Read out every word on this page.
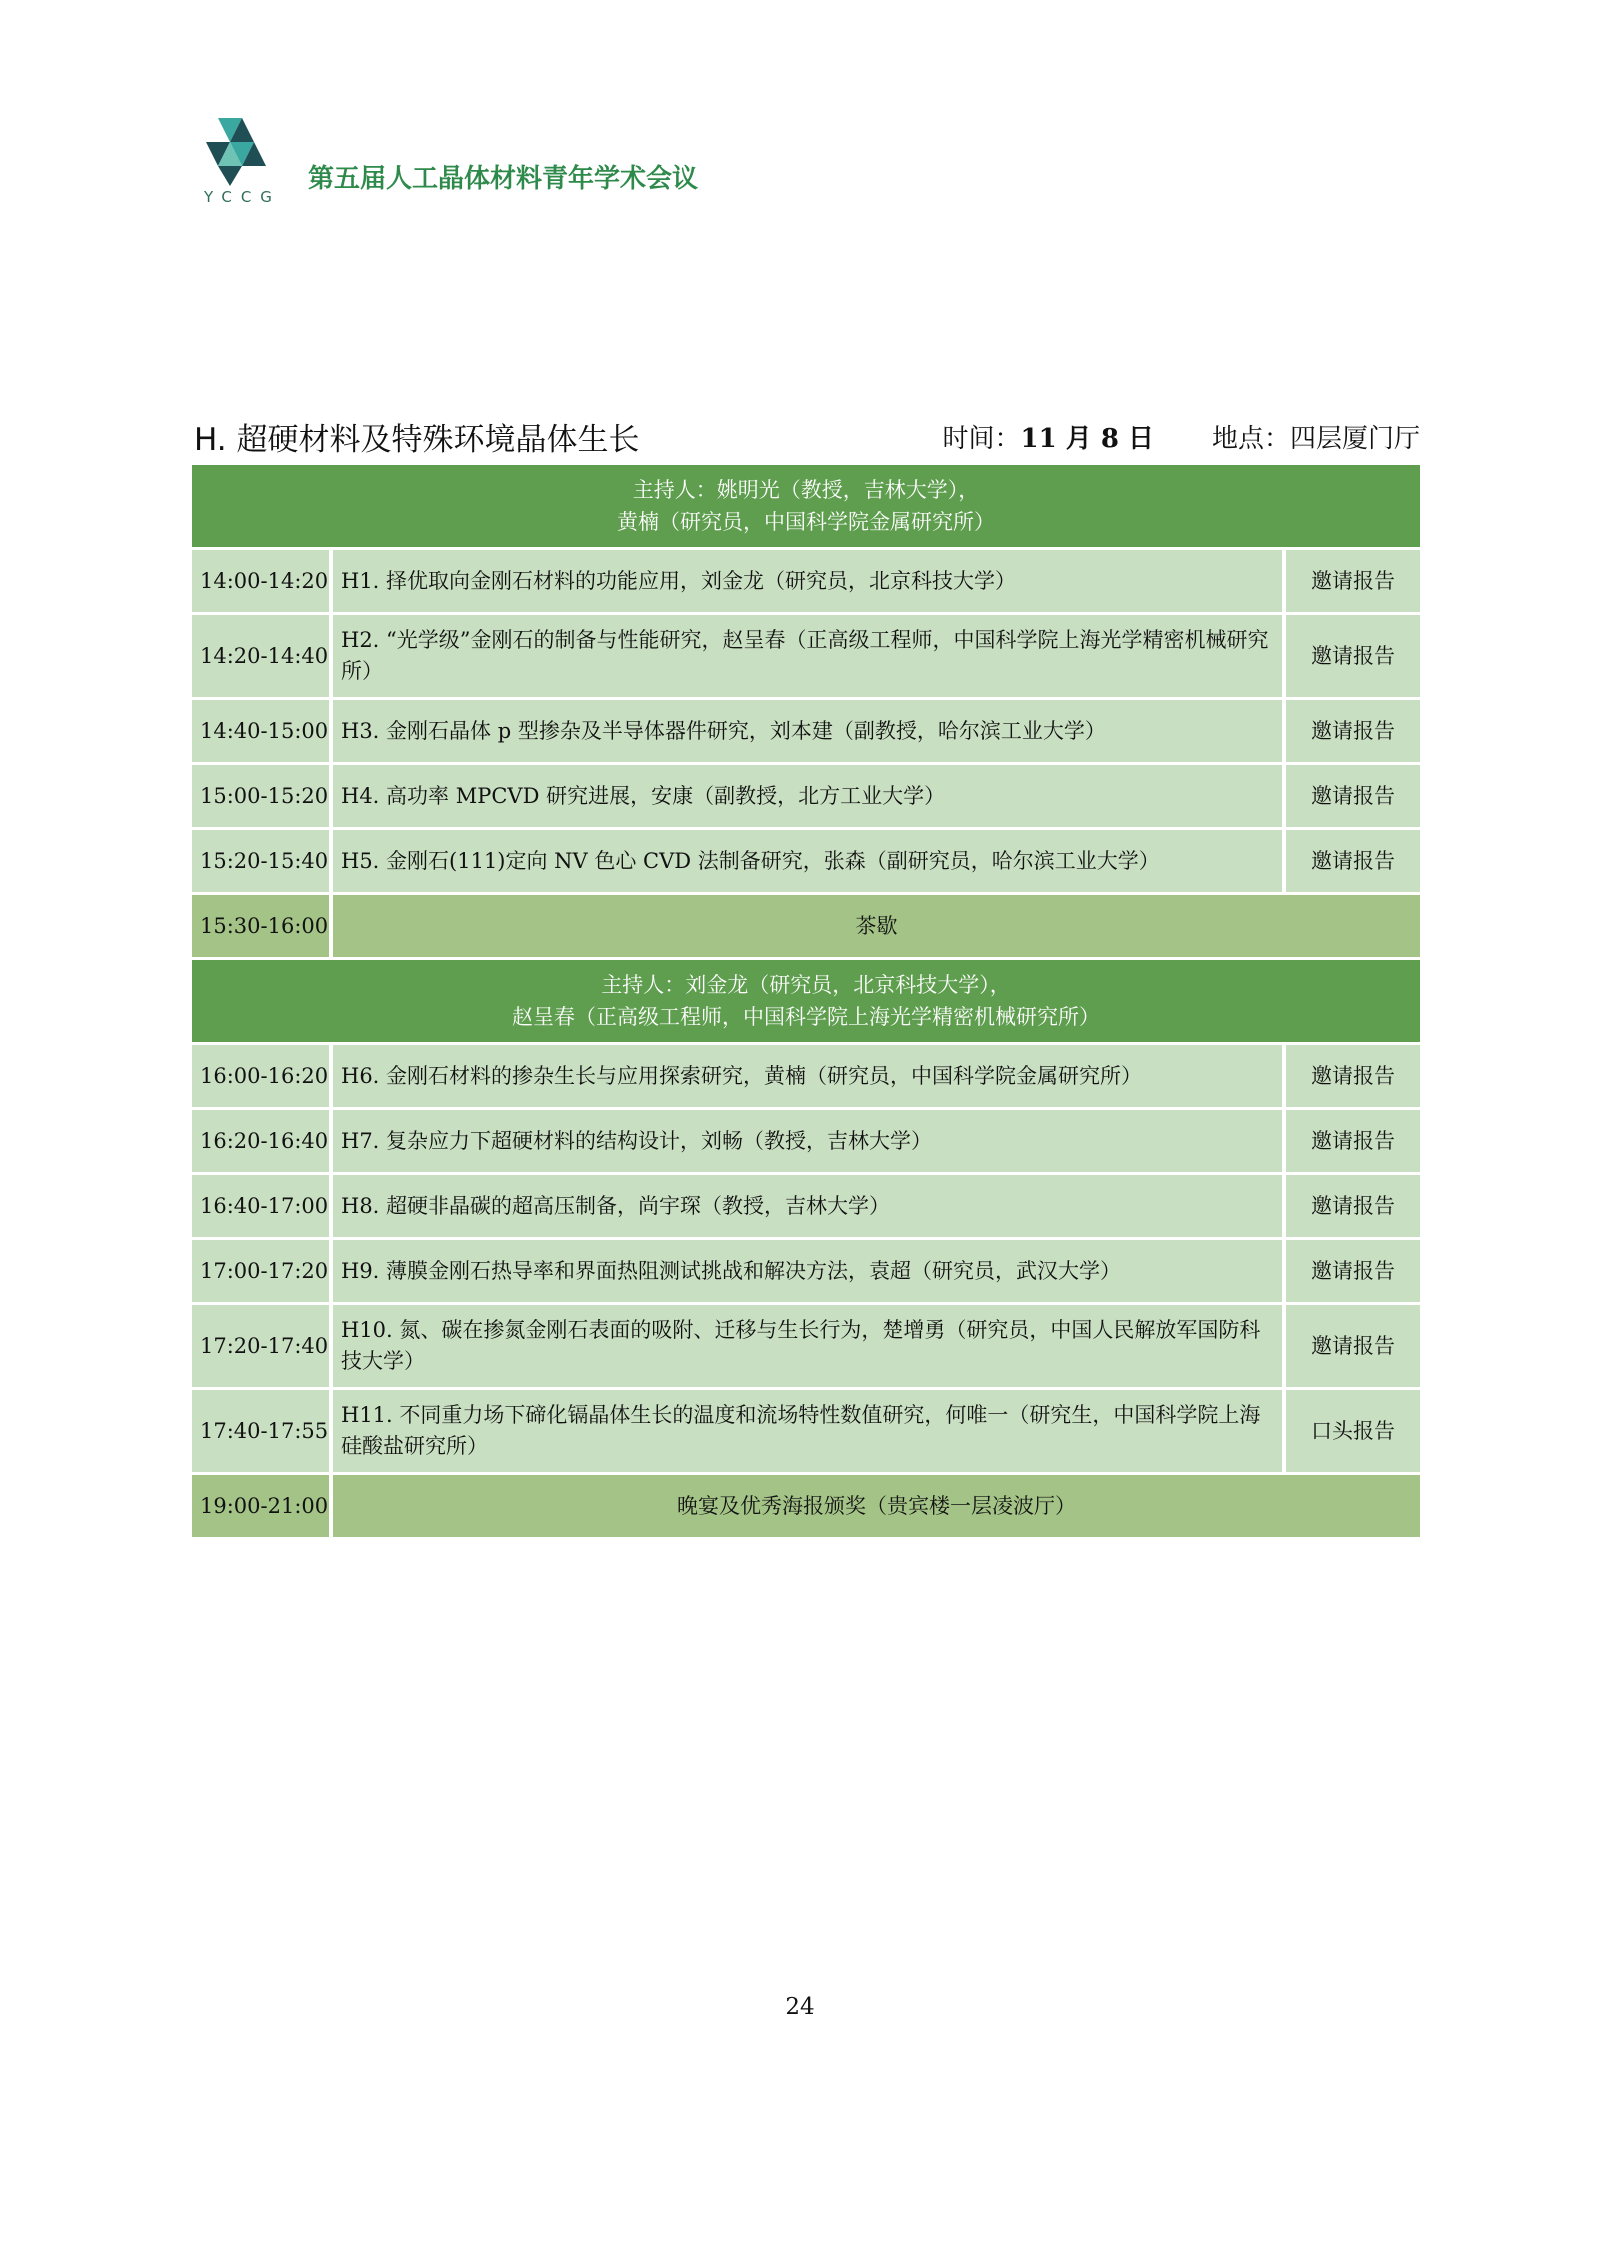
YCCG
第五届人工晶体材料青年学术会议
H. 超硬材料及特殊环境晶体生长	时间：11 月 8 日 地点：四层厦门厅
主持人：姚明光（教授，吉林大学），
黄楠（研究员，中国科学院金属研究所）		

14:00-14:20	H1. 择优取向金刚石材料的功能应用，刘金龙（研究员，北京科技大学）	邀请报告
14:20-14:40	H2. “光学级”金刚石的制备与性能研究，赵呈春（正高级工程师，中国科学院上海光学精密机械研究所）	邀请报告
14:40-15:00	H3. 金刚石晶体 p 型掺杂及半导体器件研究，刘本建（副教授，哈尔滨工业大学）	邀请报告
15:00-15:20	H4. 高功率 MPCVD 研究进展，安康（副教授，北方工业大学）	邀请报告
15:20-15:40	H5. 金刚石(111)定向 NV 色心 CVD 法制备研究，张森（副研究员，哈尔滨工业大学）	邀请报告
15:30-16:00	茶歇	

主持人：刘金龙（研究员，北京科技大学），
赵呈春（正高级工程师，中国科学院上海光学精密机械研究所）		

16:00-16:20	H6. 金刚石材料的掺杂生长与应用探索研究，黄楠（研究员，中国科学院金属研究所）	邀请报告
16:20-16:40	H7. 复杂应力下超硬材料的结构设计，刘畅（教授，吉林大学）	邀请报告
16:40-17:00	H8. 超硬非晶碳的超高压制备，尚宇琛（教授，吉林大学）	邀请报告
17:00-17:20	H9. 薄膜金刚石热导率和界面热阻测试挑战和解决方法，袁超（研究员，武汉大学）	邀请报告
17:20-17:40	H10. 氮、碳在掺氮金刚石表面的吸附、迁移与生长行为，楚增勇（研究员，中国人民解放军国防科技大学）	邀请报告
17:40-17:55	H11. 不同重力场下碲化镉晶体生长的温度和流场特性数值研究，何唯一（研究生，中国科学院上海硅酸盐研究所）	口头报告
19:00-21:00	晚宴及优秀海报颁奖（贵宾楼一层凌波厅）	
24
